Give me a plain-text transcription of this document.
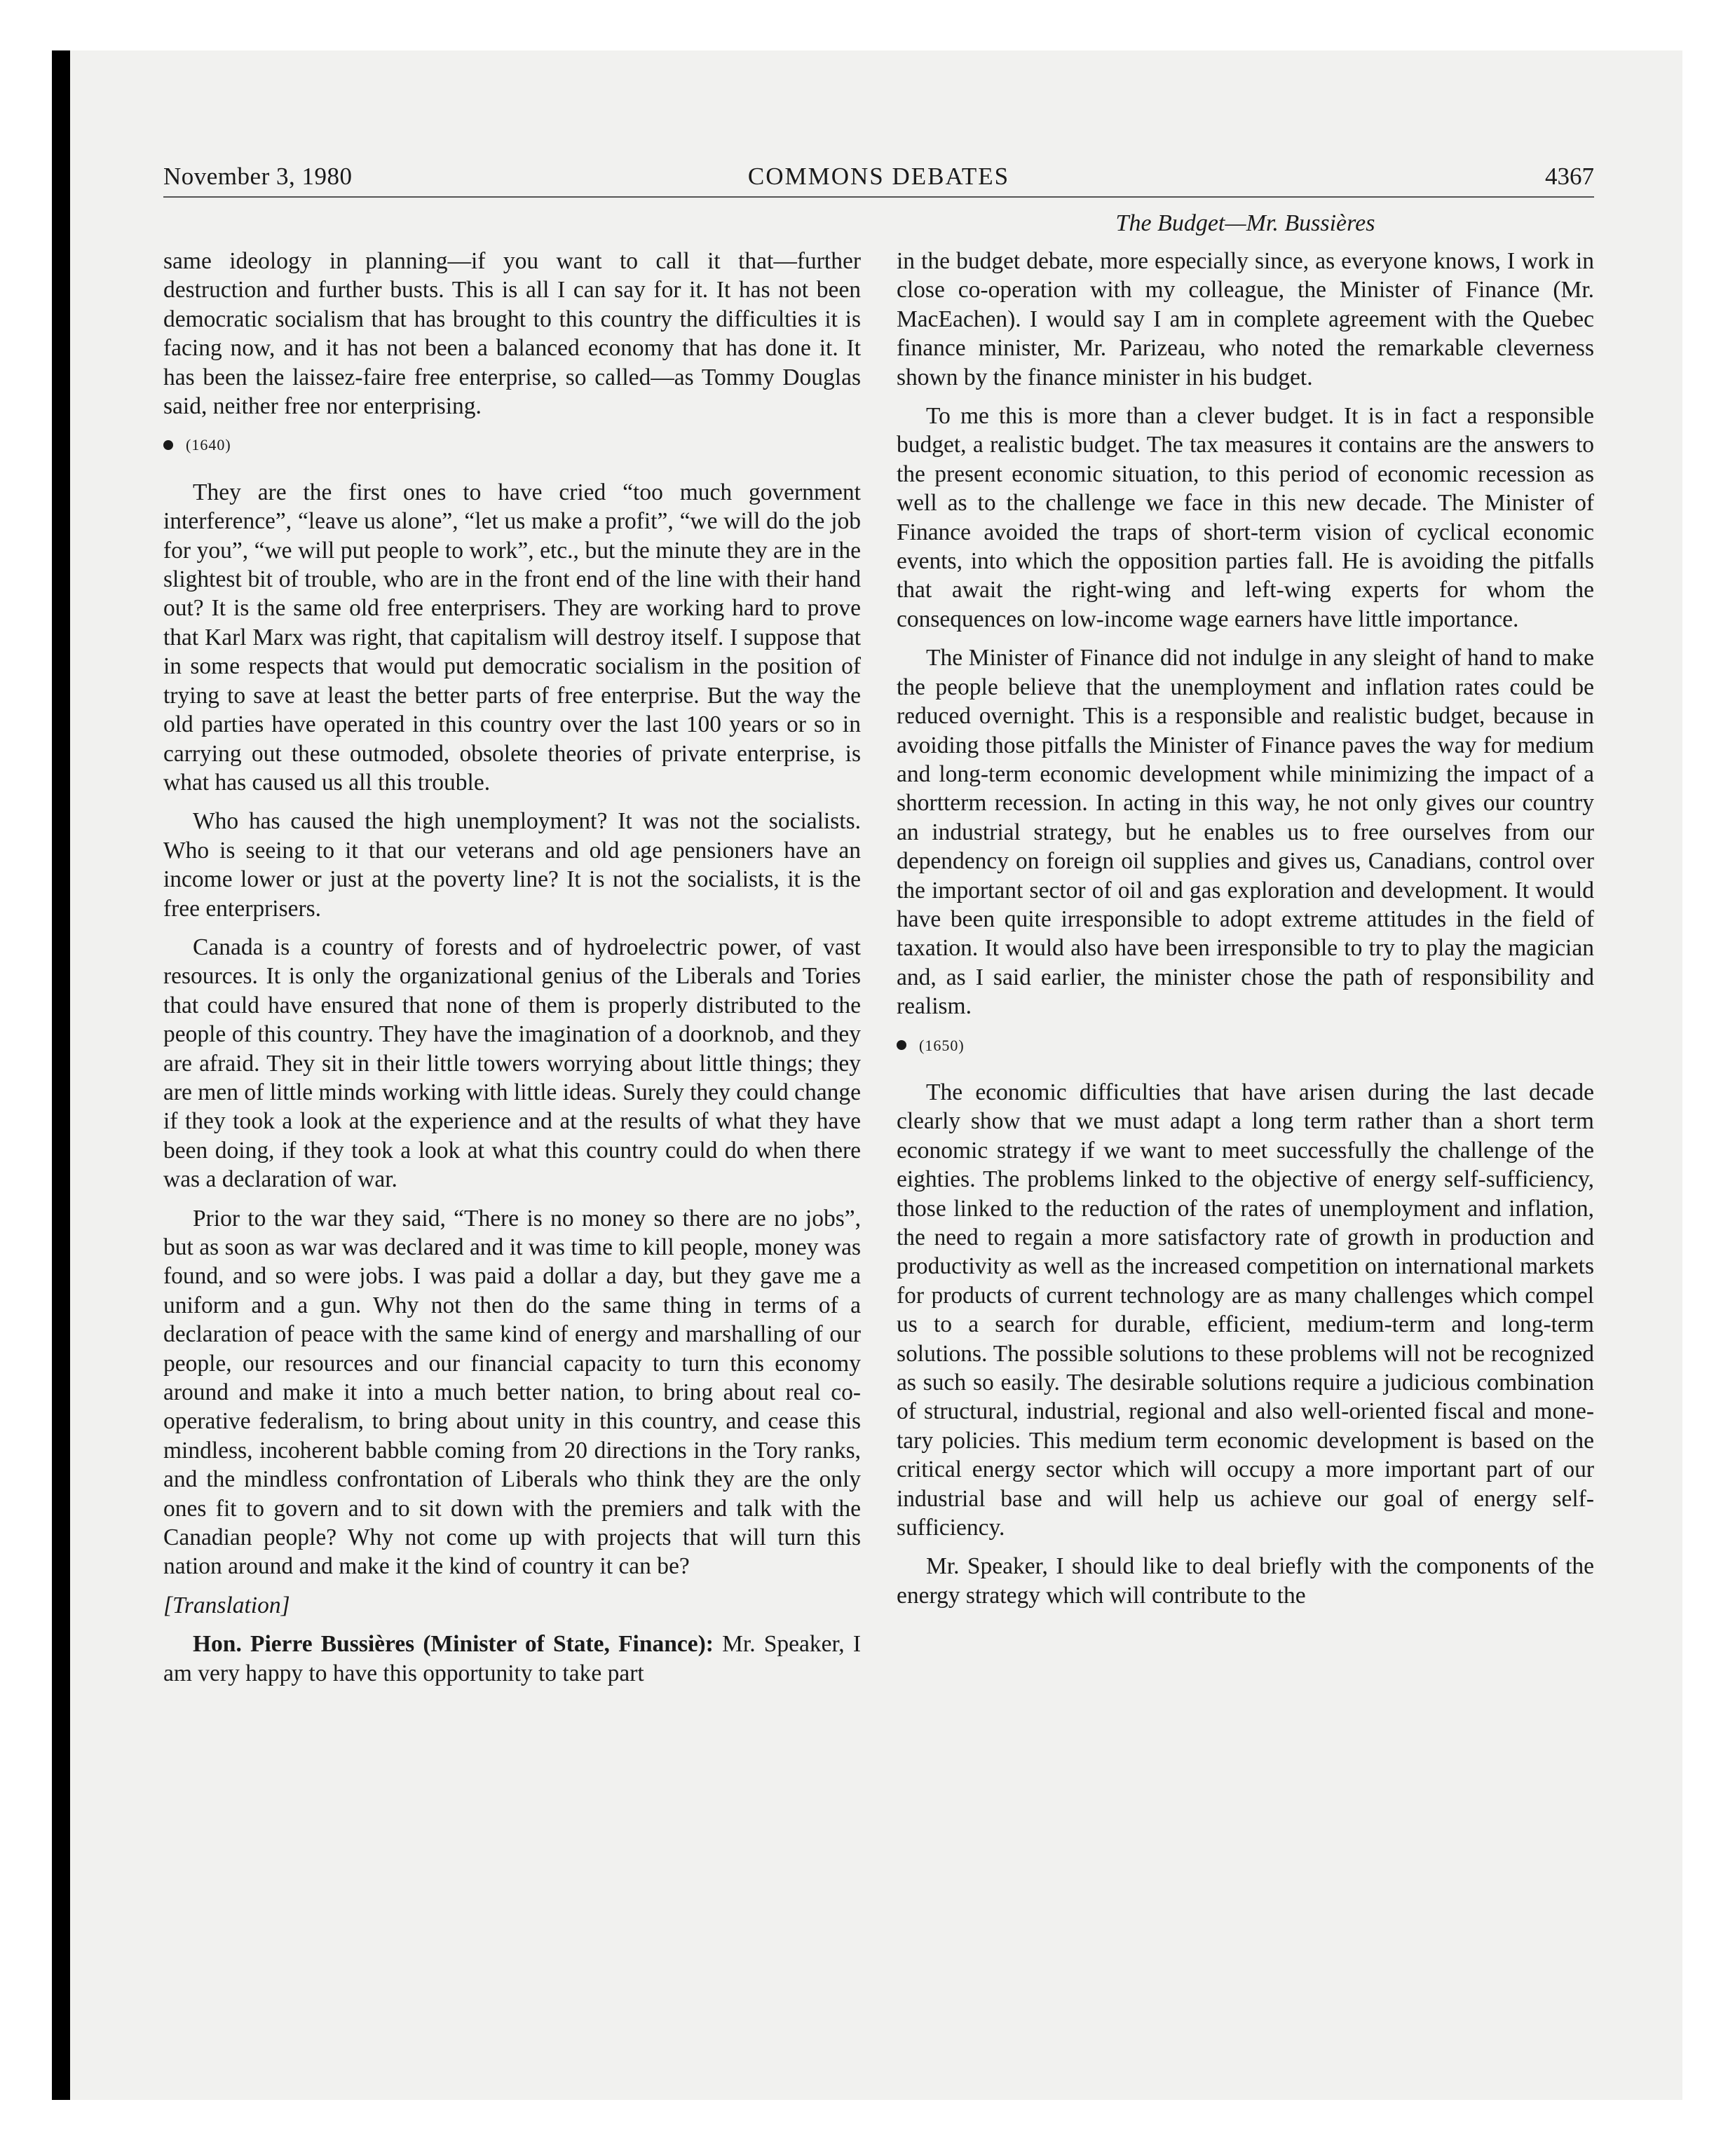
November 3, 1980	COMMONS DEBATES	4367
The Budget—Mr. Bussières

same ideology in planning—if you want to call it that—further destruction and further busts. This is all I can say for it. It has not been democratic socialism that has brought to this country the difficulties it is facing now, and it has not been a balanced economy that has done it. It has been the laissez-faire free enterprise, so called—as Tommy Douglas said, neither free nor enterprising.

(1640)

They are the first ones to have cried “too much government interference”, “leave us alone”, “let us make a profit”, “we will do the job for you”, “we will put people to work”, etc., but the minute they are in the slightest bit of trouble, who are in the front end of the line with their hand out? It is the same old free enterprisers. They are working hard to prove that Karl Marx was right, that capitalism will destroy itself. I suppose that in some respects that would put democratic socialism in the position of trying to save at least the better parts of free enterprise. But the way the old parties have operated in this country over the last 100 years or so in carrying out these outmoded, obsolete theories of private enterprise, is what has caused us all this trouble.

Who has caused the high unemployment? It was not the socialists. Who is seeing to it that our veterans and old age pensioners have an income lower or just at the poverty line? It is not the socialists, it is the free enterprisers.

Canada is a country of forests and of hydroelectric power, of vast resources. It is only the organizational genius of the Liberals and Tories that could have ensured that none of them is properly distributed to the people of this country. They have the imagination of a doorknob, and they are afraid. They sit in their little towers worrying about little things; they are men of little minds working with little ideas. Surely they could change if they took a look at the experience and at the results of what they have been doing, if they took a look at what this country could do when there was a declaration of war.

Prior to the war they said, “There is no money so there are no jobs”, but as soon as war was declared and it was time to kill people, money was found, and so were jobs. I was paid a dollar a day, but they gave me a uniform and a gun. Why not then do the same thing in terms of a declaration of peace with the same kind of energy and marshalling of our people, our resources and our financial capacity to turn this economy around and make it into a much better nation, to bring about real co-operative federalism, to bring about unity in this country, and cease this mindless, incoherent babble coming from 20 directions in the Tory ranks, and the mindless confrontation of Liberals who think they are the only ones fit to govern and to sit down with the premiers and talk with the Canadian people? Why not come up with projects that will turn this nation around and make it the kind of country it can be?

[Translation]

Hon. Pierre Bussières (Minister of State, Finance): Mr. Speaker, I am very happy to have this opportunity to take part

in the budget debate, more especially since, as everyone knows, I work in close co-operation with my colleague, the Minister of Finance (Mr. MacEachen). I would say I am in complete agreement with the Quebec finance minister, Mr. Parizeau, who noted the remarkable cleverness shown by the finance minister in his budget.

To me this is more than a clever budget. It is in fact a responsible budget, a realistic budget. The tax measures it contains are the answers to the present economic situation, to this period of economic recession as well as to the challenge we face in this new decade. The Minister of Finance avoided the traps of short-term vision of cyclical economic events, into which the opposition parties fall. He is avoiding the pitfalls that await the right-wing and left-wing experts for whom the consequences on low-income wage earners have little importance.

The Minister of Finance did not indulge in any sleight of hand to make the people believe that the unemployment and inflation rates could be reduced overnight. This is a responsible and realistic budget, because in avoiding those pitfalls the Minister of Finance paves the way for medium and long-term economic development while minimizing the impact of a shortterm recession. In acting in this way, he not only gives our country an industrial strategy, but he enables us to free ourselves from our dependency on foreign oil supplies and gives us, Canadians, control over the important sector of oil and gas exploration and development. It would have been quite irresponsible to adopt extreme attitudes in the field of taxation. It would also have been irresponsible to try to play the magician and, as I said earlier, the minister chose the path of responsibility and realism.

(1650)

The economic difficulties that have arisen during the last decade clearly show that we must adapt a long term rather than a short term economic strategy if we want to meet successfully the challenge of the eighties. The problems linked to the objective of energy self-sufficiency, those linked to the reduction of the rates of unemployment and inflation, the need to regain a more satisfactory rate of growth in production and productivity as well as the increased competition on international markets for products of current technology are as many challenges which compel us to a search for durable, efficient, medium-term and long-term solutions. The possible solutions to these problems will not be recognized as such so easily. The desirable solutions require a judicious combination of structural, industrial, regional and also well-oriented fiscal and monetary policies. This medium term economic development is based on the critical energy sector which will occupy a more important part of our industrial base and will help us achieve our goal of energy self-sufficiency.

Mr. Speaker, I should like to deal briefly with the components of the energy strategy which will contribute to the
